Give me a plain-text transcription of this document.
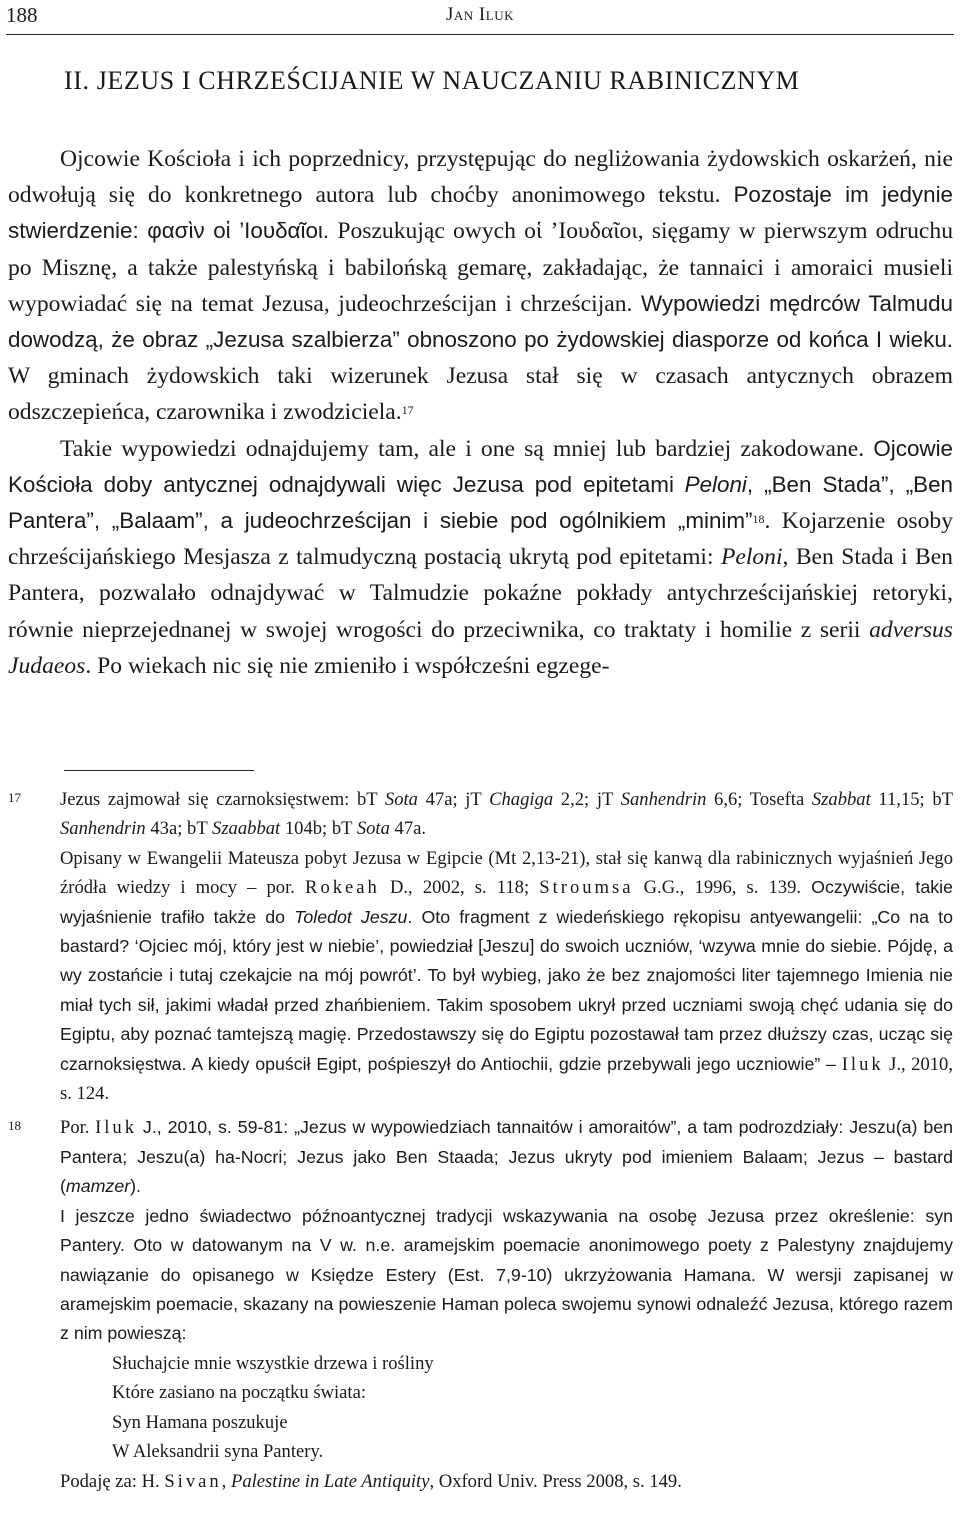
188	Jan Iluk
II. JEZUS I CHRZEŚCIJANIE W NAUCZANIU RABINICZNYM

Ojcowie Kościoła i ich poprzednicy, przystępując do negliżowania żydowskich oskarżeń, nie odwołują się do konkretnego autora lub choćby anonimowego tekstu. Pozostaje im jedynie stwierdzenie: φασὶν οἱ ’Ιουδαῖοι. Poszukując owych οἱ ’Ιουδαῖοι, sięgamy w pierwszym odruchu po Misznę, a także palestyńską i babilońską gemarę, zakładając, że tannaici i amoraici musieli wypowiadać się na temat Jezusa, judeochrześcijan i chrześcijan. Wypowiedzi mędrców Talmudu dowodzą, że obraz „Jezusa szalbierza” obnoszono po żydowskiej diasporze od końca I wieku. W gminach żydowskich taki wizerunek Jezusa stał się w czasach antycznych obrazem odszczepieńca, czarownika i zwodziciela.$^{17}$

Takie wypowiedzi odnajdujemy tam, ale i one są mniej lub bardziej zakodowane. Ojcowie Kościoła doby antycznej odnajdywali więc Jezusa pod epitetami Peloni, „Ben Stada”, „Ben Pantera”, „Balaam”, a judeochrześcijan i siebie pod ogólnikiem „minim”$^{18}$. Kojarzenie osoby chrześcijańskiego Mesjasza z talmudyczną postacią ukrytą pod epitetami: Peloni, Ben Stada i Ben Pantera, pozwalało odnajdywać w Talmudzie pokaźne pokłady antychrześcijańskiej retoryki, równie nieprzejednanej w swojej wrogości do przeciwnika, co traktaty i homilie z serii adversus Judaeos. Po wiekach nic się nie zmieniło i współcześni egzege-

17 Jezus zajmował się czarnoksięstwem: bT Sota 47a; jT Chagiga 2,2; jT Sanhendrin 6,6; Tosefta Szabbat 11,15; bT Sanhendrin 43a; bT Szaabbat 104b; bT Sota 47a.

Opisany w Ewangelii Mateusza pobyt Jezusa w Egipcie (Mt 2,13-21), stał się kanwą dla rabinicznych wyjaśnień Jego źródła wiedzy i mocy – por. Rokeah D., 2002, s. 118; Stroumsa G.G., 1996, s. 139. Oczywiście, takie wyjaśnienie trafiło także do Toledot Jeszu. Oto fragment z wiedeńskiego rękopisu antyewangelii: „Co na to bastard? ‘Ojciec mój, który jest w niebie’, powiedział [Jeszu] do swoich uczniów, ‘wzywa mnie do siebie. Pójdę, a wy zostańcie i tutaj czekajcie na mój powrót’. To był wybieg, jako że bez znajomości liter tajemnego Imienia nie miał tych sił, jakimi władał przed zhańbieniem. Takim sposobem ukrył przed uczniami swoją chęć udania się do Egiptu, aby poznać tamtejszą magię. Przedostawszy się do Egiptu pozostawał tam przez dłuższy czas, ucząc się czarnoksięstwa. A kiedy opuścił Egipt, pośpieszył do Antiochii, gdzie przebywali jego uczniowie” – Iluk J., 2010, s. 124.

18 Por. Iluk J., 2010, s. 59-81: „Jezus w wypowiedziach tannaitów i amoraitów”, a tam podrozdziały: Jeszu(a) ben Pantera; Jeszu(a) ha-Nocri; Jezus jako Ben Staada; Jezus ukryty pod imieniem Balaam; Jezus – bastard (mamzer).

I jeszcze jedno świadectwo późnoantycznej tradycji wskazywania na osobę Jezusa przez określenie: syn Pantery. Oto w datowanym na V w. n.e. aramejskim poemacie anonimowego poety z Palestyny znajdujemy nawiązanie do opisanego w Księdze Estery (Est. 7,9-10) ukrzyżowania Hamana. W wersji zapisanej w aramejskim poemacie, skazany na powieszenie Haman poleca swojemu synowi odnaleźć Jezusa, którego razem z nim powieszą:

Słuchajcie mnie wszystkie drzewa i rośliny
Które zasiano na początku świata:
Syn Hamana poszukuje
W Aleksandrii syna Pantery.

Podaję za: H. Sivan, Palestine in Late Antiquity, Oxford Univ. Press 2008, s. 149.
